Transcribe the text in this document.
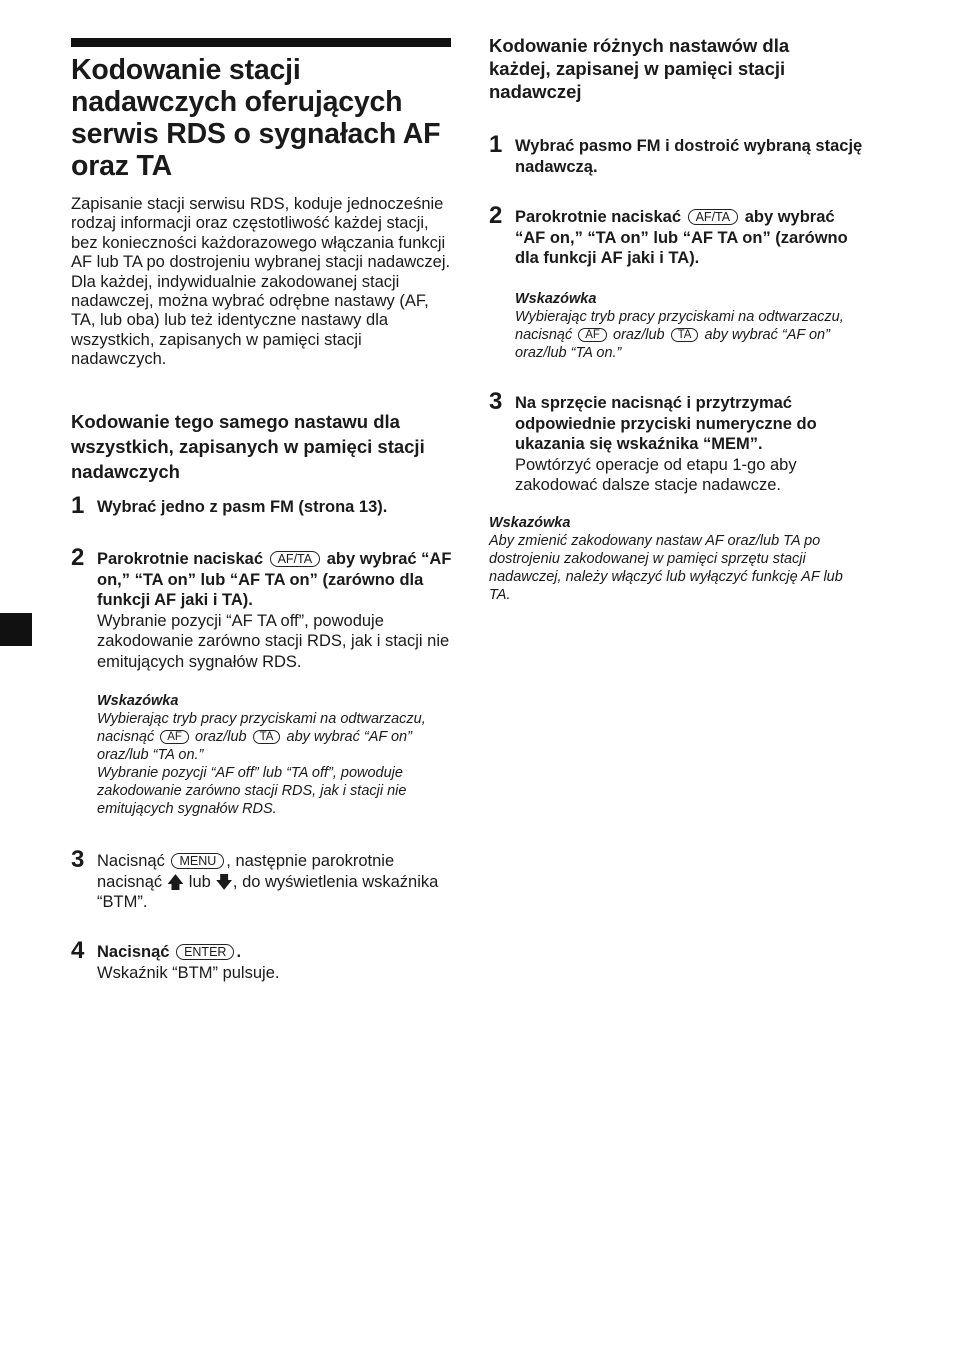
Kodowanie stacji nadawczych oferujących serwis RDS o sygnałach AF oraz TA

Zapisanie stacji serwisu RDS, koduje jednocześnie rodzaj informacji oraz częstotliwość każdej stacji, bez konieczności każdorazowego włączania funkcji AF lub TA po dostrojeniu wybranej stacji nadawczej. Dla każdej, indywidualnie zakodowanej stacji nadawczej, można wybrać odrębne nastawy (AF, TA, lub oba) lub też identyczne nastawy dla wszystkich, zapisanych w pamięci stacji nadawczych.

Kodowanie tego samego nastawu dla wszystkich, zapisanych w pamięci stacji nadawczych
1 Wybrać jedno z pasm FM (strona 13).
2 Parokrotnie naciskać AF/TA aby wybrać “AF on,” “TA on” lub “AF TA on” (zarówno dla funkcji AF jaki i TA).
Wybranie pozycji “AF TA off”, powoduje zakodowanie zarówno stacji RDS, jak i stacji nie emitujących sygnałów RDS.
Wskazówka
Wybierając tryb pracy przyciskami na odtwarzaczu, nacisnąć AF oraz/lub TA aby wybrać “AF on” oraz/lub “TA on.”
Wybranie pozycji “AF off” lub “TA off”, powoduje zakodowanie zarówno stacji RDS, jak i stacji nie emitujących sygnałów RDS.
3 Nacisnąć MENU , następnie parokrotnie nacisnąć 🡅 lub 🡇, do wyświetlenia wskaźnika “BTM”.
4 Nacisnąć ENTER .
Wskaźnik “BTM” pulsuje.
Kodowanie różnych nastawów dla każdej, zapisanej w pamięci stacji nadawczej
1 Wybrać pasmo FM i dostroić wybraną stację nadawczą.
2 Parokrotnie naciskać AF/TA aby wybrać “AF on,” “TA on” lub “AF TA on” (zarówno dla funkcji AF jaki i TA).
Wskazówka
Wybierając tryb pracy przyciskami na odtwarzaczu, nacisnąć AF oraz/lub TA aby wybrać “AF on” oraz/lub “TA on.”
3 Na sprzęcie nacisnąć i przytrzymać odpowiednie przyciski numeryczne do ukazania się wskaźnika “MEM”.
Powtórzyć operacje od etapu 1-go aby zakodować dalsze stacje nadawcze.
Wskazówka
Aby zmienić zakodowany nastaw AF oraz/lub TA po dostrojeniu zakodowanej w pamięci sprzętu stacji nadawczej, należy włączyć lub wyłączyć funkcję AF lub TA.
